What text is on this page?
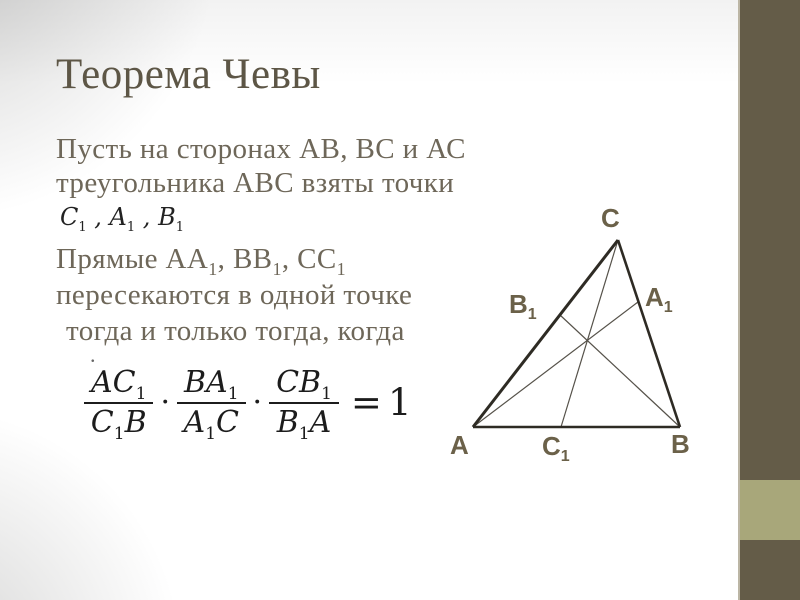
Теорема Чевы
Пусть на сторонах АВ, ВС и АС
треугольника АВС взяты точки
$C_1$ , $A_1$ , $B_1$
Прямые $АА_1$, $ВВ_1$, $СС_1$
пересекаются в одной точке
тогда и только тогда, когда
.
$\frac{AC_1}{C_1B} \cdot \frac{BA_1}{A_1C} \cdot \frac{CB_1}{B_1A} = 1$
C
A	B
$A_1$
$B_1$
$C_1$
